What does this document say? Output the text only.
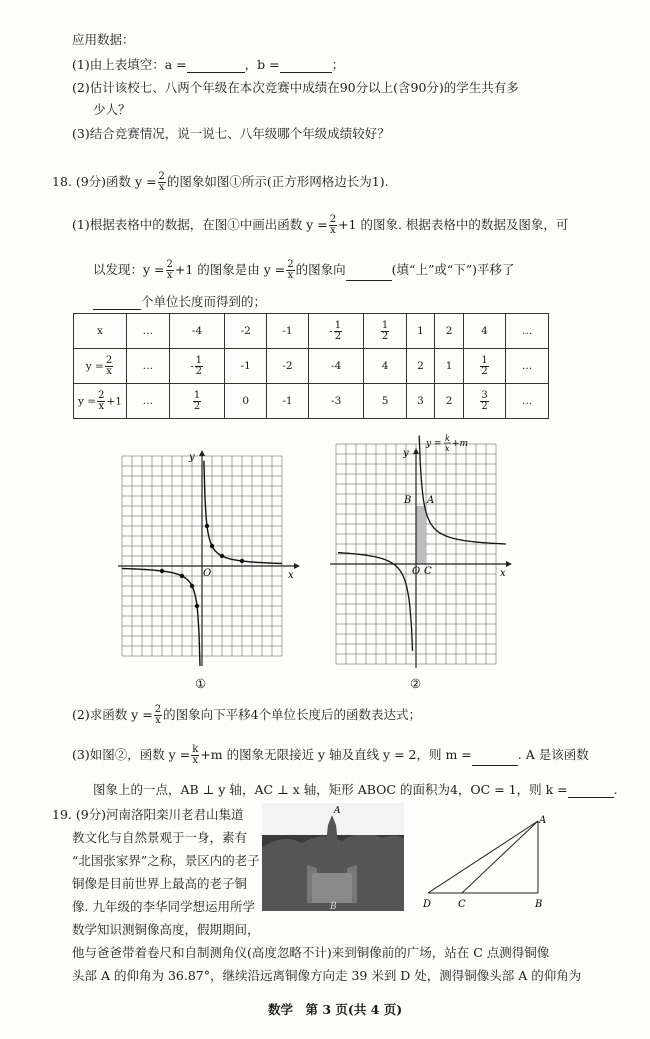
应用数据：
(1)由上表填空：a =	，b =	；
(2)估计该校七、八两个年级在本次竞赛中成绩在90分以上(含90分)的学生共有多
少人？
(3)结合竞赛情况，说一说七、八年级哪个年级成绩较好？
18. (9分)函数 $y = \frac{2}{x}$ 的图象如图①所示(正方形网格边长为1).
(1)根据表格中的数据，在图①中画出函数 $y = \frac{2}{x} +1$ 的图象. 根据表格中的数据及图象，可
以发现：$y = \frac{2}{x} +1$ 的图象是由 $y = \frac{2}{x}$ 的图象向	(填“上”或“下”)平移了
个单位长度而得到的；
x	…	-4	-2	-1	- $\frac{1}{2}$	$\frac{1}{2}$	1	2	4	…
$y = \frac{2}{x}$	…	- $\frac{1}{2}$	-1	-2	-4	4	2	1	$\frac{1}{2}$	…
$y = \frac{2}{x} +1$	…	$\frac{1}{2}$	0	-1	-3	5	3	2	$\frac{3}{2}$	…
y
x
O
①
y
y =
k
x +m
x
O C
A
B
②
(2)求函数 $y = \frac{2}{x}$ 的图象向下平移4个单位长度后的函数表达式；
(3)如图②，函数 $y = \frac{k}{x} +m$ 的图象无限接近 y 轴及直线 y = 2，则 m =	. A 是该函数
图象上的一点，AB ⊥ y 轴，AC ⊥ x 轴，矩形 ABOC 的面积为4，OC = 1，则 k =	.
19. (9分)河南洛阳栾川老君山集道
教文化与自然景观于一身，素有
“北国张家界”之称，景区内的老子
铜像是目前世界上最高的老子铜
像. 九年级的李华同学想运用所学
数学知识测铜像高度，假期期间，
他与爸爸带着卷尺和自制测角仪(高度忽略不计)来到铜像前的广场，站在 C 点测得铜像
头部 A 的仰角为 36.87°，继续沿远离铜像方向走 39 米到 D 处，测得铜像头部 A 的仰角为
A
B
A
B
C
D
数学　第 3 页(共 4 页)
